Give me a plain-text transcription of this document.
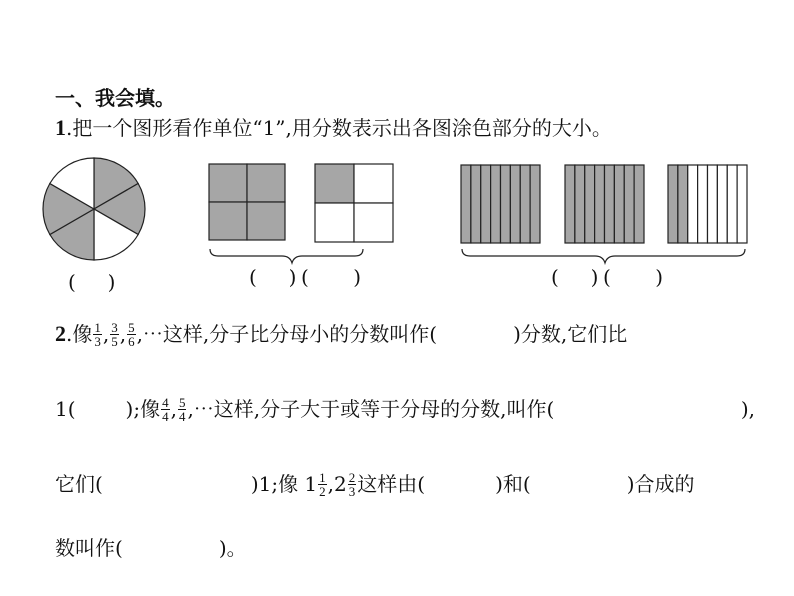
一、我会填。
1 .把一个图形看作单位“1”,用分数表示出各图涂色部分的大小。
(     )	(     ) (       )	(     ) (       )
2 .像 $\frac{1}{3}$ , $\frac{3}{5}$ , $\frac{5}{6}$ ,⋯这样,分子比分母小的分数叫作(	)分数,它们比
1(	);像 $\frac{4}{4}$ , $\frac{5}{4}$ ,⋯这样,分子大于或等于分母的分数,叫作(	),
它们(	)1;像 $1 \frac{1}{2} ,2 \frac{2}{3}$ 这样由(	)和(	)合成的
数叫作(	)。
